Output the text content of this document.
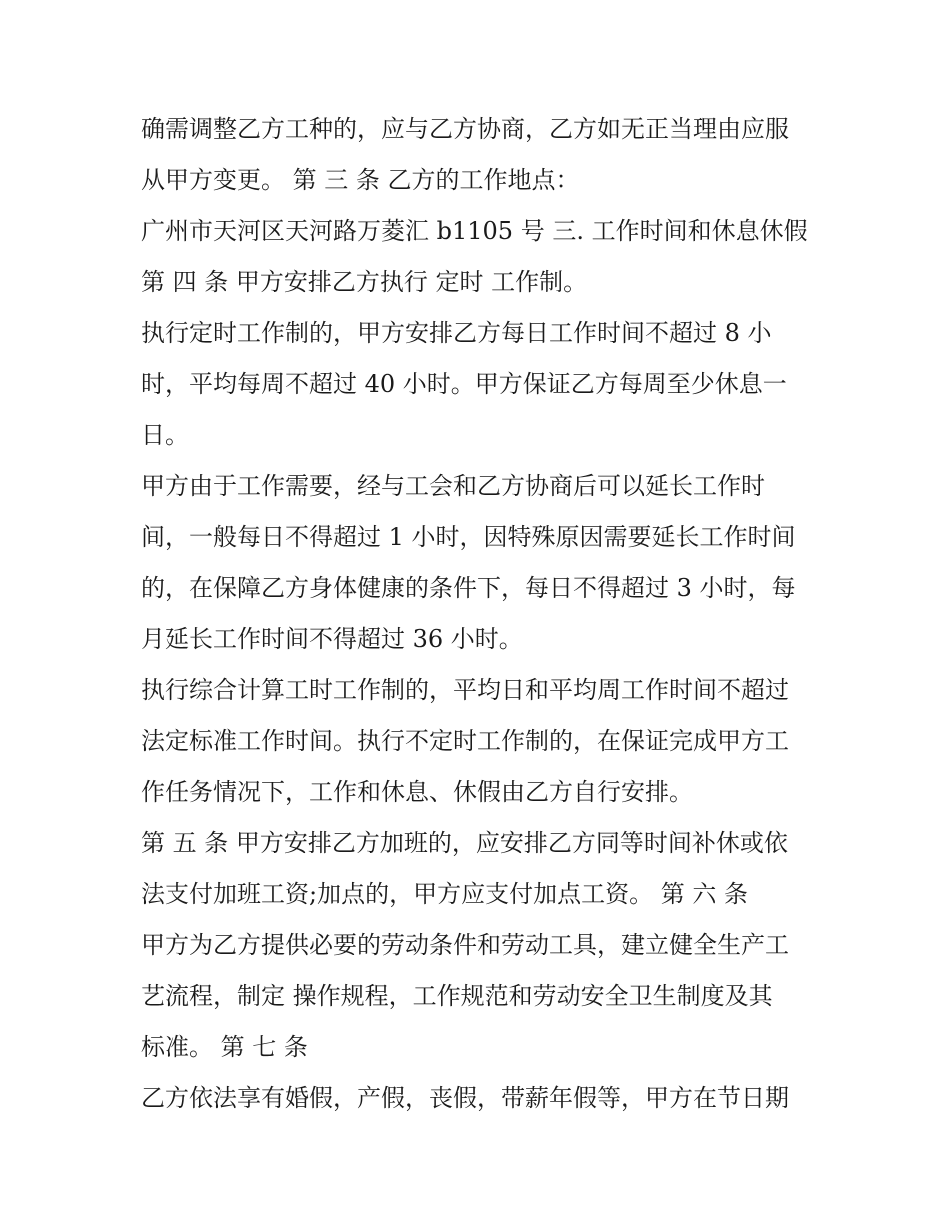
确需调整乙方工种的，应与乙方协商，乙方如无正当理由应服
从甲方变更。 第 三 条 乙方的工作地点：
广州市天河区天河路万菱汇 b1105 号 三. 工作时间和休息休假
第 四 条 甲方安排乙方执行 定时 工作制。
执行定时工作制的，甲方安排乙方每日工作时间不超过 8 小
时，平均每周不超过 40 小时。甲方保证乙方每周至少休息一
日。
甲方由于工作需要，经与工会和乙方协商后可以延长工作时
间，一般每日不得超过 1 小时，因特殊原因需要延长工作时间
的，在保障乙方身体健康的条件下，每日不得超过 3 小时，每
月延长工作时间不得超过 36 小时。
执行综合计算工时工作制的，平均日和平均周工作时间不超过
法定标准工作时间。执行不定时工作制的，在保证完成甲方工
作任务情况下，工作和休息、休假由乙方自行安排。
第 五 条 甲方安排乙方加班的，应安排乙方同等时间补休或依
法支付加班工资;加点的，甲方应支付加点工资。 第 六 条
甲方为乙方提供必要的劳动条件和劳动工具，建立健全生产工
艺流程，制定 操作规程，工作规范和劳动安全卫生制度及其
标准。 第 七 条
乙方依法享有婚假，产假，丧假，带薪年假等，甲方在节日期
